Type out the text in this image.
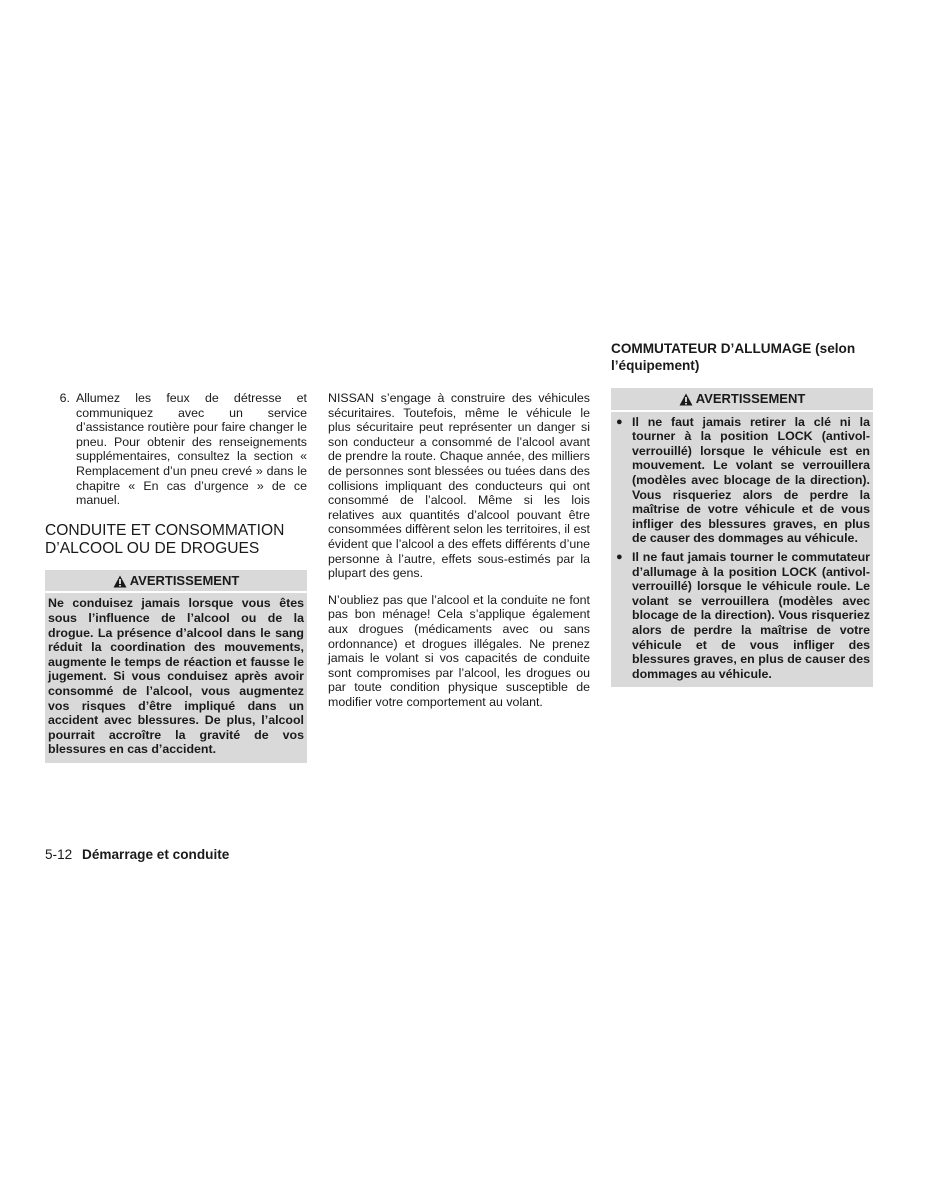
6. Allumez les feux de détresse et communiquez avec un service d’assistance routière pour faire changer le pneu. Pour obtenir des renseignements supplémentaires, consultez la section « Remplacement d’un pneu crevé » dans le chapitre « En cas d’urgence » de ce manuel.
CONDUITE ET CONSOMMATION D’ALCOOL OU DE DROGUES
AVERTISSEMENT
Ne conduisez jamais lorsque vous êtes sous l’influence de l’alcool ou de la drogue. La présence d’alcool dans le sang réduit la coordination des mouvements, augmente le temps de réaction et fausse le jugement. Si vous conduisez après avoir consommé de l’alcool, vous augmentez vos risques d’être impliqué dans un accident avec blessures. De plus, l’alcool pourrait accroître la gravité de vos blessures en cas d’accident.

NISSAN s’engage à construire des véhicules sécuritaires. Toutefois, même le véhicule le plus sécuritaire peut représenter un danger si son conducteur a consommé de l’alcool avant de prendre la route. Chaque année, des milliers de personnes sont blessées ou tuées dans des collisions impliquant des conducteurs qui ont consommé de l’alcool. Même si les lois relatives aux quantités d’alcool pouvant être consommées diffèrent selon les territoires, il est évident que l’alcool a des effets différents d’une personne à l’autre, effets sous-estimés par la plupart des gens.

N’oubliez pas que l’alcool et la conduite ne font pas bon ménage! Cela s’applique également aux drogues (médicaments avec ou sans ordonnance) et drogues illégales. Ne prenez jamais le volant si vos capacités de conduite sont compromises par l’alcool, les drogues ou par toute condition physique susceptible de modifier votre comportement au volant.

COMMUTATEUR D’ALLUMAGE (selon l’équipement)
AVERTISSEMENT
● Il ne faut jamais retirer la clé ni la tourner à la position LOCK (antivol-verrouillé) lorsque le véhicule est en mouvement. Le volant se verrouillera (modèles avec blocage de la direction). Vous risqueriez alors de perdre la maîtrise de votre véhicule et de vous infliger des blessures graves, en plus de causer des dommages au véhicule.
● Il ne faut jamais tourner le commutateur d’allumage à la position LOCK (antivol-verrouillé) lorsque le véhicule roule. Le volant se verrouillera (modèles avec blocage de la direction). Vous risqueriez alors de perdre la maîtrise de votre véhicule et de vous infliger des blessures graves, en plus de causer des dommages au véhicule.
5-12 Démarrage et conduite
